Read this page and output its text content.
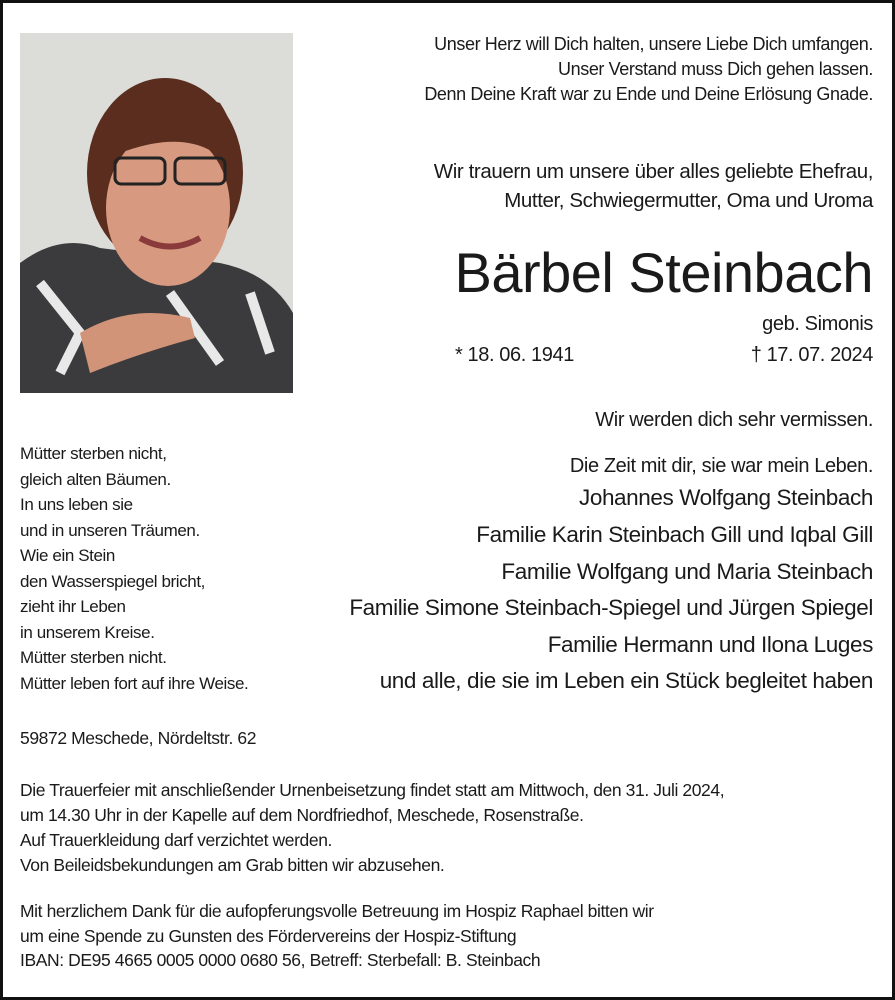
Unser Herz will Dich halten, unsere Liebe Dich umfangen.
Unser Verstand muss Dich gehen lassen.
Denn Deine Kraft war zu Ende und Deine Erlösung Gnade.
Wir trauern um unsere über alles geliebte Ehefrau,
Mutter, Schwiegermutter, Oma und Uroma
Bärbel Steinbach
geb. Simonis
* 18. 06. 1941	† 17. 07. 2024
Wir werden dich sehr vermissen.
Die Zeit mit dir, sie war mein Leben.
Johannes Wolfgang Steinbach
Familie Karin Steinbach Gill und Iqbal Gill
Familie Wolfgang und Maria Steinbach
Familie Simone Steinbach-Spiegel und Jürgen Spiegel
Familie Hermann und Ilona Luges
und alle, die sie im Leben ein Stück begleitet haben
Mütter sterben nicht,
gleich alten Bäumen.
In uns leben sie
und in unseren Träumen.
Wie ein Stein
den Wasserspiegel bricht,
zieht ihr Leben
in unserem Kreise.
Mütter sterben nicht.
Mütter leben fort auf ihre Weise.
59872 Meschede, Nördeltstr. 62
Die Trauerfeier mit anschließender Urnenbeisetzung findet statt am Mittwoch, den 31. Juli 2024,
um 14.30 Uhr in der Kapelle auf dem Nordfriedhof, Meschede, Rosenstraße.
Auf Trauerkleidung darf verzichtet werden.
Von Beileidsbekundungen am Grab bitten wir abzusehen.
Mit herzlichem Dank für die aufopferungsvolle Betreuung im Hospiz Raphael bitten wir
um eine Spende zu Gunsten des Fördervereins der Hospiz-Stiftung
IBAN: DE95 4665 0005 0000 0680 56, Betreff: Sterbefall: B. Steinbach
